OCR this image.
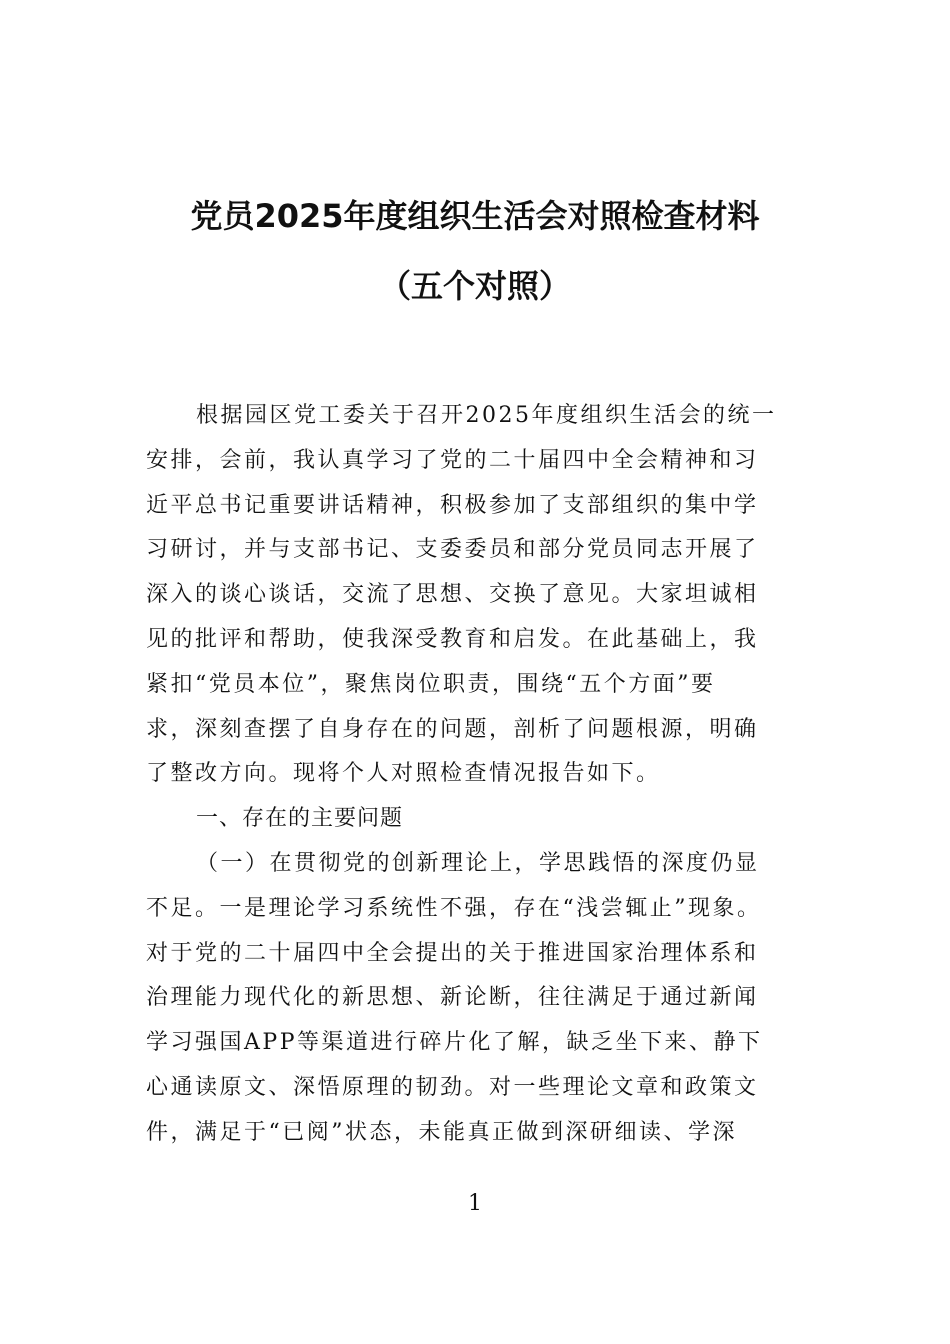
党员2025年度组织生活会对照检查材料
（五个对照）
根据园区党工委关于召开2025年度组织生活会的统一
安排，会前，我认真学习了党的二十届四中全会精神和习
近平总书记重要讲话精神，积极参加了支部组织的集中学
习研讨，并与支部书记、支委委员和部分党员同志开展了
深入的谈心谈话，交流了思想、交换了意见。大家坦诚相
见的批评和帮助，使我深受教育和启发。在此基础上，我
紧扣“党员本位”，聚焦岗位职责，围绕“五个方面”要
求，深刻查摆了自身存在的问题，剖析了问题根源，明确
了整改方向。现将个人对照检查情况报告如下。
一、存在的主要问题
（一）在贯彻党的创新理论上，学思践悟的深度仍显
不足。一是理论学习系统性不强，存在“浅尝辄止”现象。
对于党的二十届四中全会提出的关于推进国家治理体系和
治理能力现代化的新思想、新论断，往往满足于通过新闻
学习强国APP等渠道进行碎片化了解，缺乏坐下来、静下
心通读原文、深悟原理的韧劲。对一些理论文章和政策文
件，满足于“已阅”状态，未能真正做到深研细读、学深
1
